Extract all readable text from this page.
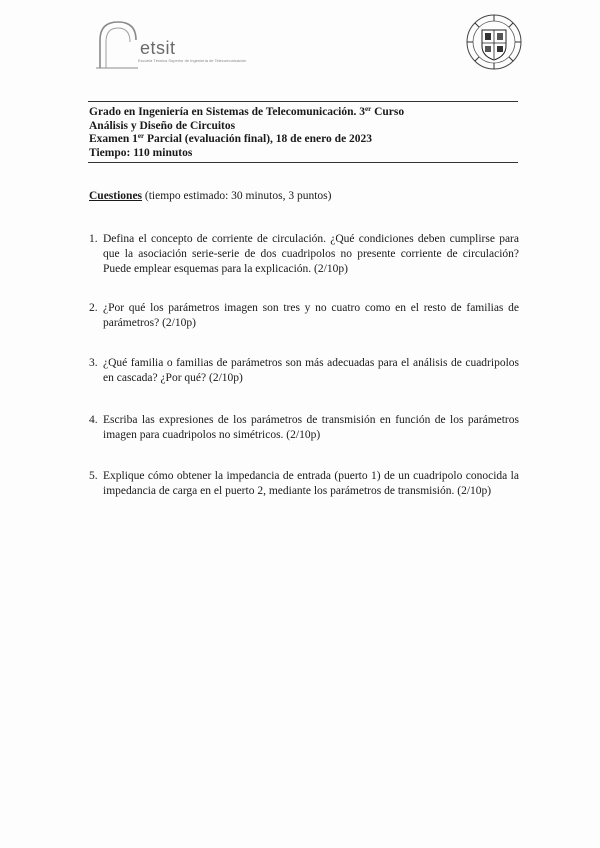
etsit
Escuela Técnica Superior de Ingeniería de Telecomunicación
Grado en Ingeniería en Sistemas de Telecomunicación. 3er Curso
Análisis y Diseño de Circuitos
Examen 1er Parcial (evaluación final), 18 de enero de 2023
Tiempo: 110 minutos
Cuestiones (tiempo estimado: 30 minutos, 3 puntos)
1. Defina el concepto de corriente de circulación. ¿Qué condiciones deben cumplirse para que la asociación serie-serie de dos cuadripolos no presente corriente de circulación? Puede emplear esquemas para la explicación. (2/10p)
2. ¿Por qué los parámetros imagen son tres y no cuatro como en el resto de familias de parámetros? (2/10p)
3. ¿Qué familia o familias de parámetros son más adecuadas para el análisis de cuadripolos en cascada? ¿Por qué? (2/10p)
4. Escriba las expresiones de los parámetros de transmisión en función de los parámetros imagen para cuadripolos no simétricos. (2/10p)
5. Explique cómo obtener la impedancia de entrada (puerto 1) de un cuadripolo conocida la impedancia de carga en el puerto 2, mediante los parámetros de transmisión. (2/10p)
